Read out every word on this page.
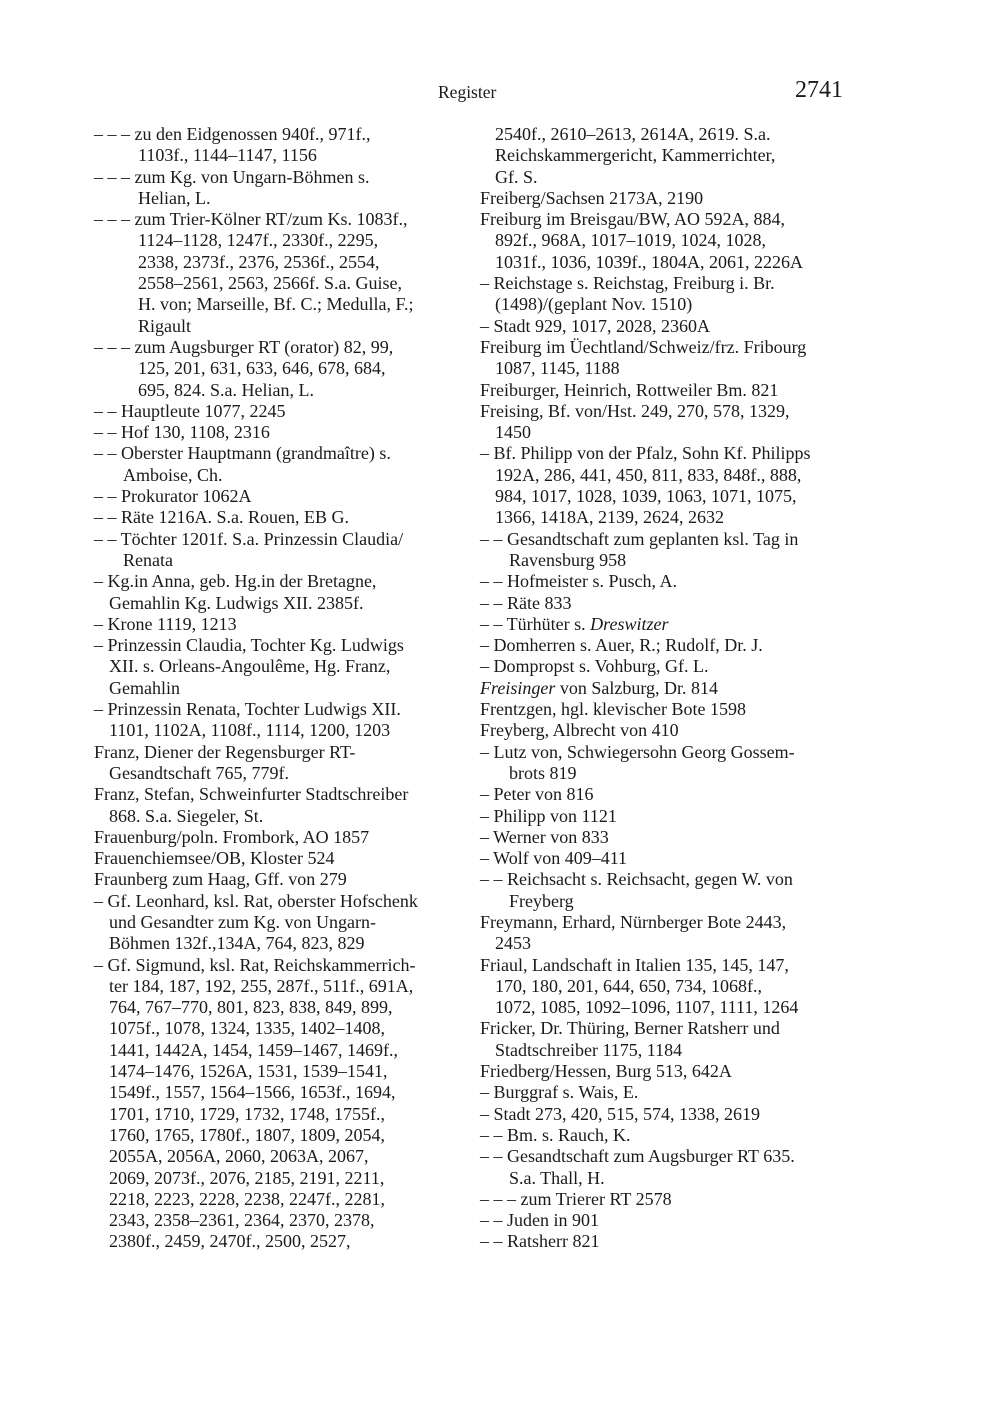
Register	2741
– – – zu den Eidgenossen 940f., 971f.,
1103f., 1144–1147, 1156
– – – zum Kg. von Ungarn-Böhmen s.
Helian, L.
– – – zum Trier-Kölner RT/zum Ks. 1083f.,
1124–1128, 1247f., 2330f., 2295,
2338, 2373f., 2376, 2536f., 2554,
2558–2561, 2563, 2566f. S.a. Guise,
H. von; Marseille, Bf. C.; Medulla, F.;
Rigault
– – – zum Augsburger RT (orator) 82, 99,
125, 201, 631, 633, 646, 678, 684,
695, 824. S.a. Helian, L.
– – Hauptleute 1077, 2245
– – Hof 130, 1108, 2316
– – Oberster Hauptmann (grandmaître) s.
Amboise, Ch.
– – Prokurator 1062A
– – Räte 1216A. S.a. Rouen, EB G.
– – Töchter 1201f. S.a. Prinzessin Claudia/
Renata
– Kg.in Anna, geb. Hg.in der Bretagne,
Gemahlin Kg. Ludwigs XII. 2385f.
– Krone 1119, 1213
– Prinzessin Claudia, Tochter Kg. Ludwigs
XII. s. Orleans-Angoulême, Hg. Franz,
Gemahlin
– Prinzessin Renata, Tochter Ludwigs XII.
1101, 1102A, 1108f., 1114, 1200, 1203
Franz, Diener der Regensburger RT-
Gesandtschaft 765, 779f.
Franz, Stefan, Schweinfurter Stadtschreiber
868. S.a. Siegeler, St.
Frauenburg/poln. Frombork, AO 1857
Frauenchiemsee/OB, Kloster 524
Fraunberg zum Haag, Gff. von 279
– Gf. Leonhard, ksl. Rat, oberster Hofschenk
und Gesandter zum Kg. von Ungarn-
Böhmen 132f.,134A, 764, 823, 829
– Gf. Sigmund, ksl. Rat, Reichskammerrich-
ter 184, 187, 192, 255, 287f., 511f., 691A,
764, 767–770, 801, 823, 838, 849, 899,
1075f., 1078, 1324, 1335, 1402–1408,
1441, 1442A, 1454, 1459–1467, 1469f.,
1474–1476, 1526A, 1531, 1539–1541,
1549f., 1557, 1564–1566, 1653f., 1694,
1701, 1710, 1729, 1732, 1748, 1755f.,
1760, 1765, 1780f., 1807, 1809, 2054,
2055A, 2056A, 2060, 2063A, 2067,
2069, 2073f., 2076, 2185, 2191, 2211,
2218, 2223, 2228, 2238, 2247f., 2281,
2343, 2358–2361, 2364, 2370, 2378,
2380f., 2459, 2470f., 2500, 2527,
2540f., 2610–2613, 2614A, 2619. S.a.
Reichskammergericht, Kammerrichter,
Gf. S.
Freiberg/Sachsen 2173A, 2190
Freiburg im Breisgau/BW, AO 592A, 884,
892f., 968A, 1017–1019, 1024, 1028,
1031f., 1036, 1039f., 1804A, 2061, 2226A
– Reichstage s. Reichstag, Freiburg i. Br.
(1498)/(geplant Nov. 1510)
– Stadt 929, 1017, 2028, 2360A
Freiburg im Üechtland/Schweiz/frz. Fribourg
1087, 1145, 1188
Freiburger, Heinrich, Rottweiler Bm. 821
Freising, Bf. von/Hst. 249, 270, 578, 1329,
1450
– Bf. Philipp von der Pfalz, Sohn Kf. Philipps
192A, 286, 441, 450, 811, 833, 848f., 888,
984, 1017, 1028, 1039, 1063, 1071, 1075,
1366, 1418A, 2139, 2624, 2632
– – Gesandtschaft zum geplanten ksl. Tag in
Ravensburg 958
– – Hofmeister s. Pusch, A.
– – Räte 833
– – Türhüter s. Dreswitzer
– Domherren s. Auer, R.; Rudolf, Dr. J.
– Dompropst s. Vohburg, Gf. L.
Freisinger von Salzburg, Dr. 814
Frentzgen, hgl. klevischer Bote 1598
Freyberg, Albrecht von 410
– Lutz von, Schwiegersohn Georg Gossem-
brots 819
– Peter von 816
– Philipp von 1121
– Werner von 833
– Wolf von 409–411
– – Reichsacht s. Reichsacht, gegen W. von
Freyberg
Freymann, Erhard, Nürnberger Bote 2443,
2453
Friaul, Landschaft in Italien 135, 145, 147,
170, 180, 201, 644, 650, 734, 1068f.,
1072, 1085, 1092–1096, 1107, 1111, 1264
Fricker, Dr. Thüring, Berner Ratsherr und
Stadtschreiber 1175, 1184
Friedberg/Hessen, Burg 513, 642A
– Burggraf s. Wais, E.
– Stadt 273, 420, 515, 574, 1338, 2619
– – Bm. s. Rauch, K.
– – Gesandtschaft zum Augsburger RT 635.
S.a. Thall, H.
– – – zum Trierer RT 2578
– – Juden in 901
– – Ratsherr 821
